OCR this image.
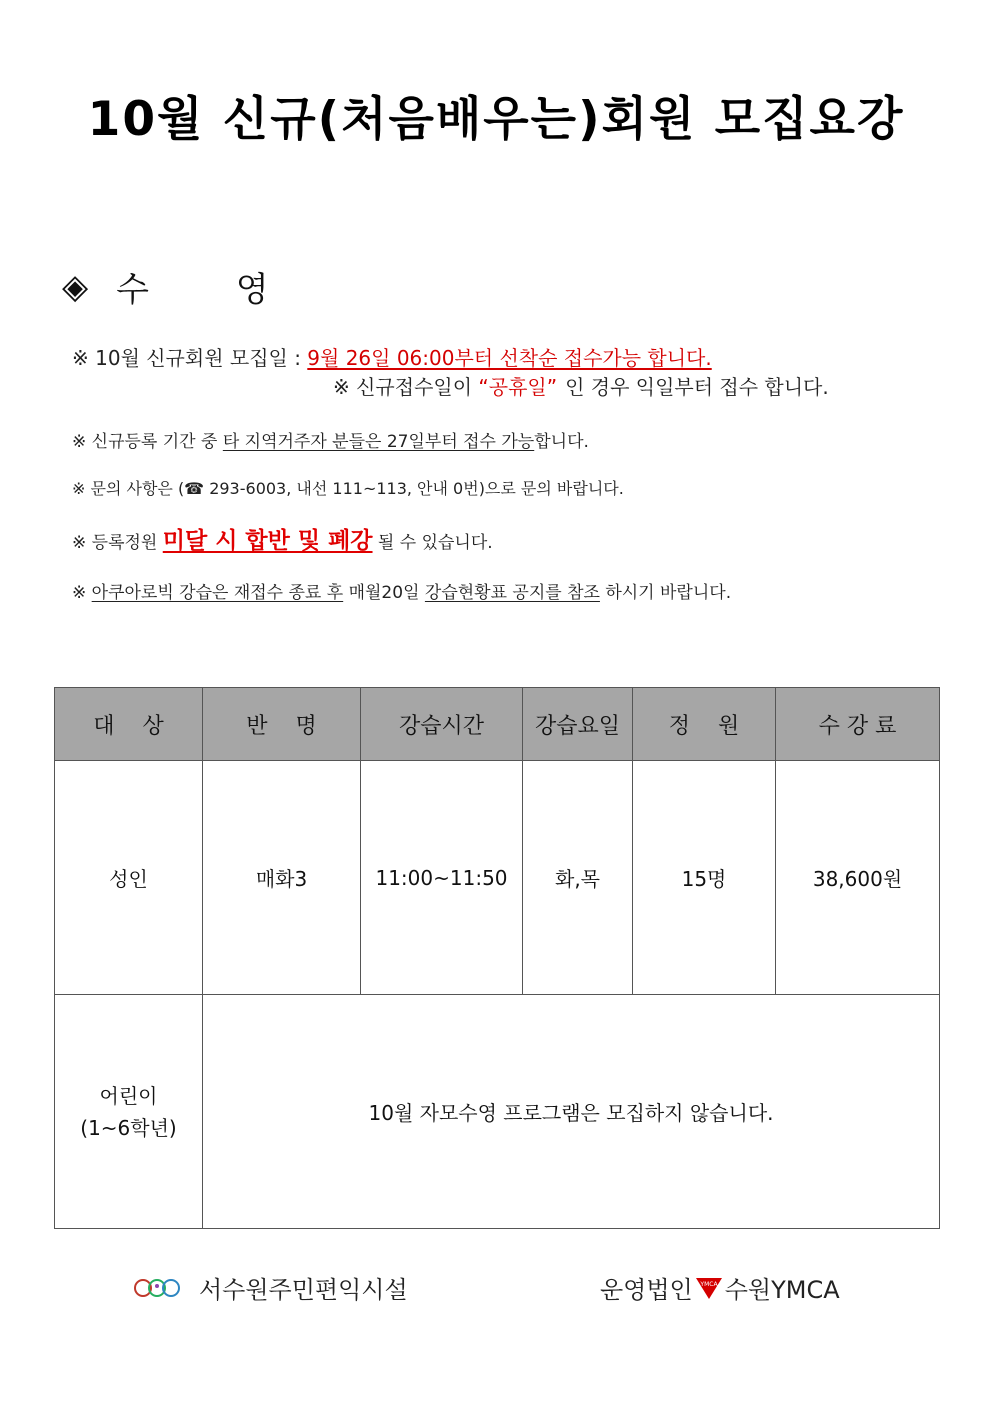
10월 신규(처음배우는)회원 모집요강
◈ 수 영
※ 10월 신규회원 모집일 : 9월 26일 06:00부터 선착순 접수가능 합니다.
※ 신규접수일이 “공휴일” 인 경우 익일부터 접수 합니다.
※ 신규등록 기간 중 타 지역거주자 분들은 27일부터 접수 가능합니다.
※ 문의 사항은 (☎ 293-6003, 내선 111~113, 안내 0번)으로 문의 바랍니다.
※ 등록정원 미달 시 합반 및 폐강 될 수 있습니다.
※ 아쿠아로빅 강습은 재접수 종료 후 매월20일 강습현황표 공지를 참조 하시기 바랍니다.
대    상	반    명	강습시간	강습요일	정    원	수 강 료
성인	매화3	11:00~11:50	화,목	15명	38,600원

어린이
(1~6학년)	10월 자모수영 프로그램은 모집하지 않습니다.				
서수원주민편익시설	운영법인 YMCA 수원YMCA
